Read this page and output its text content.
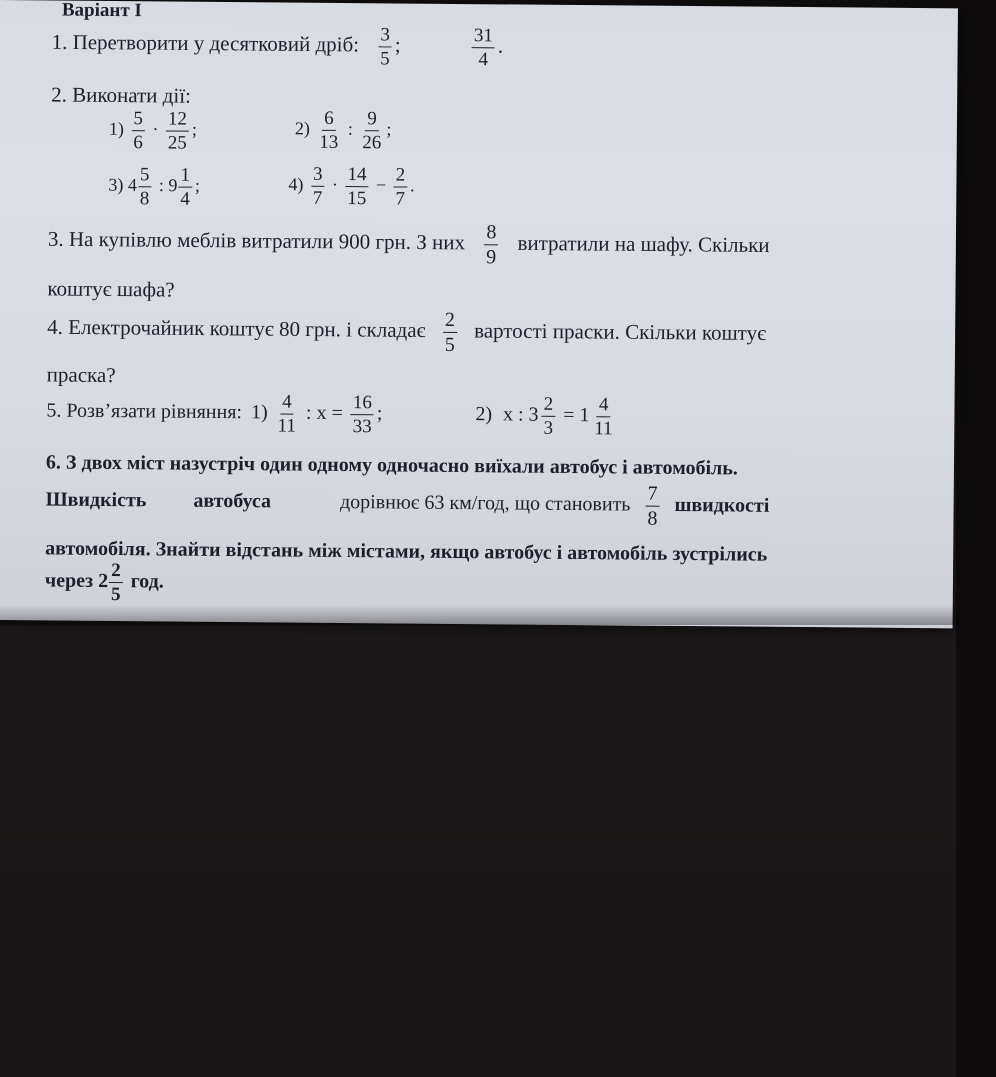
Варіант І
1. Перетворити у десятковий дріб: $\frac{3}{5}$ ;	$\frac{31}{4}$ .
2. Виконати дії:
$1) \frac{5}{6} \cdot \frac{12}{25}$ ;	$2) \frac{6}{13}$ : $\frac{9}{26}$ ;
3) $4 \frac{5}{8}$ : $9 \frac{1}{4}$ ;	$4) \frac{3}{7} \cdot \frac{14}{15} - \frac{2}{7}$ .
3. На купівлю меблів витратили 900 грн. З них $\frac{8}{9}$ витратили на шафу. Скільки
коштує шафа?
4. Електрочайник коштує 80 грн. і складає $\frac{2}{5}$ вартості праски. Скільки коштує
праска?
5. Розв’язати рівняння: $1) \frac{4}{11}$ : $x = \frac{16}{33}$ ;	2) x : $3 \frac{2}{3} = 1 \frac{4}{11}$
6. З двох міст назустріч один одному одночасно виїхали автобус і автомобіль.
Швидкість автобуса	дорівнює 63 км/год, що становить $\frac{7}{8}$ швидкості
автомобіля. Знайти відстань між містами, якщо автобус і автомобіль зустрілись
через $2 \frac{2}{5}$ год.
